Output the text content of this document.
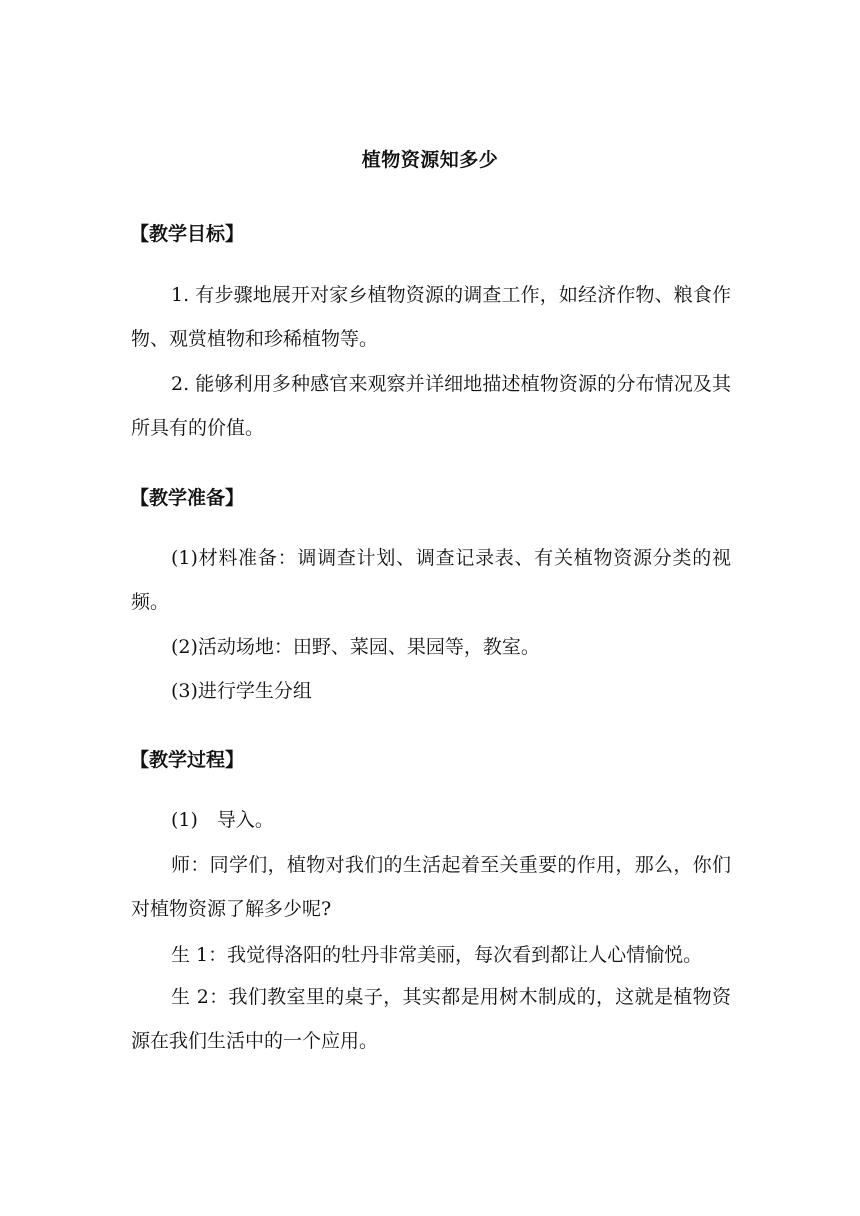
植物资源知多少
【教学目标】

1. 有步骤地展开对家乡植物资源的调查工作，如经济作物、粮食作物、观赏植物和珍稀植物等。

2. 能够利用多种感官来观察并详细地描述植物资源的分布情况及其所具有的价值。

【教学准备】

(1)材料准备：调调查计划、调查记录表、有关植物资源分类的视频。

(2)活动场地：田野、菜园、果园等，教室。
(3)进行学生分组
【教学过程】
(1)　导入。

师：同学们，植物对我们的生活起着至关重要的作用，那么，你们对植物资源了解多少呢?

生 1：我觉得洛阳的牡丹非常美丽，每次看到都让人心情愉悦。

生 2：我们教室里的桌子，其实都是用树木制成的，这就是植物资源在我们生活中的一个应用。
